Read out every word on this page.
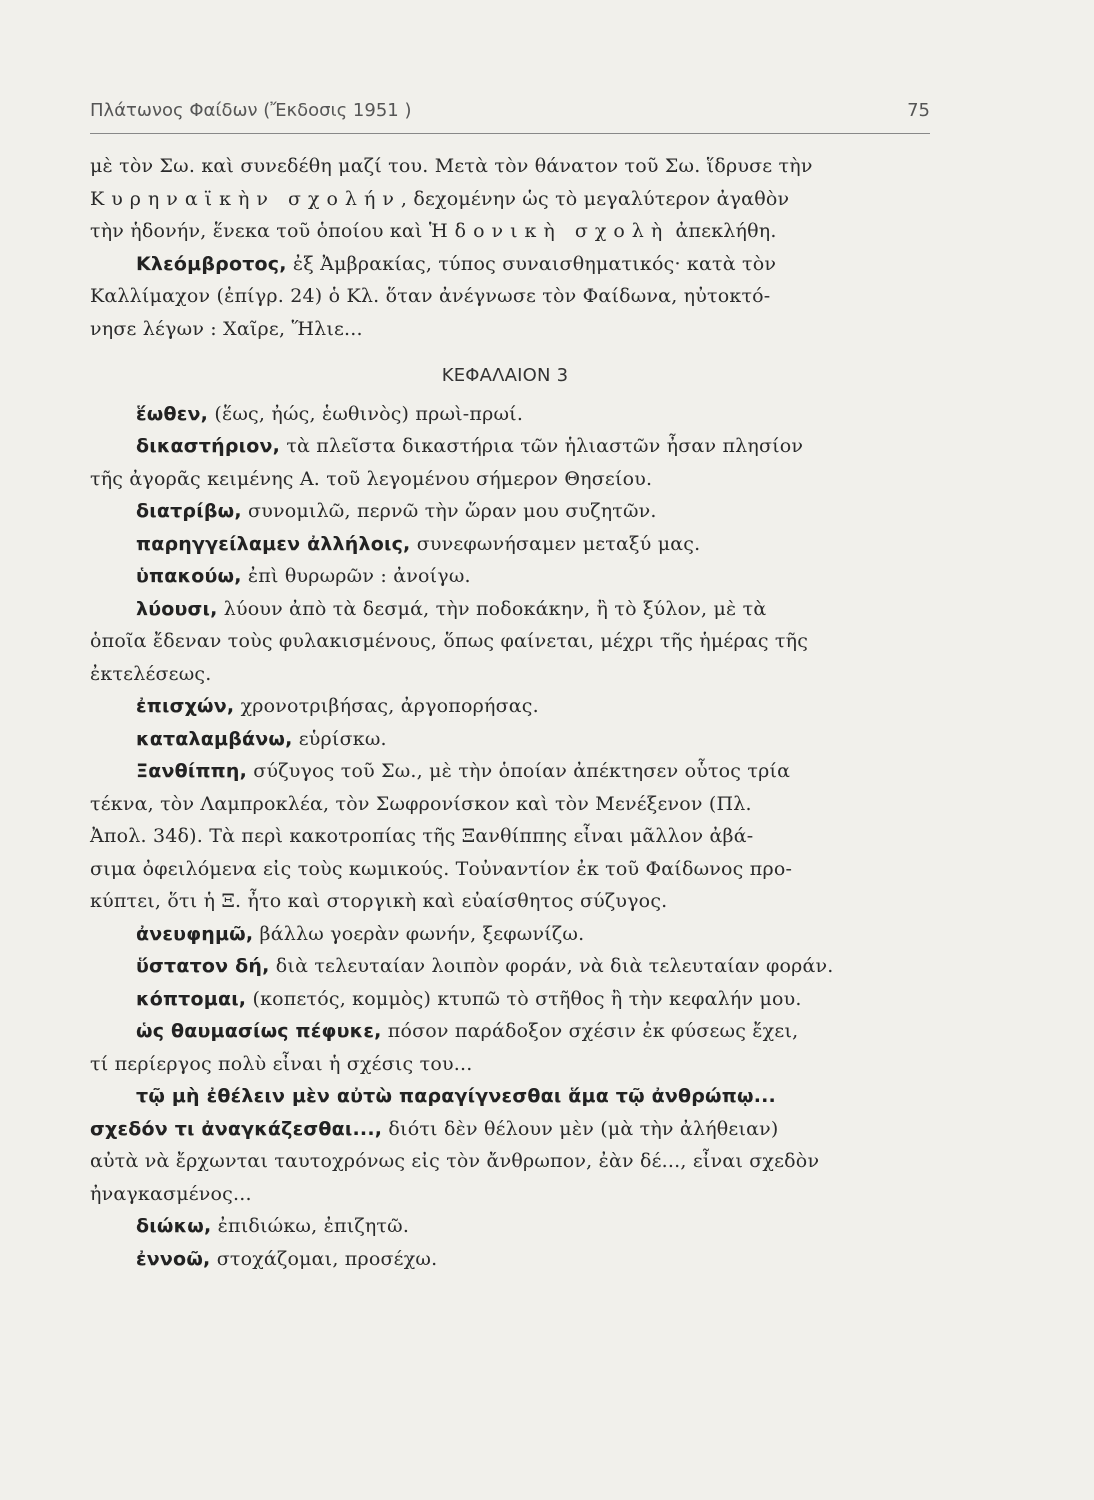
Πλάτωνος Φαίδων (Ἔκδοσις 1951 )	75
μὲ τὸν Σω. καὶ συνεδέθη μαζί του. Μετὰ τὸν θάνατον τοῦ Σω. ἵδρυσε τὴν
Κυρηναϊκὴν σχολήν, δεχομένην ὡς τὸ μεγαλύτερον ἀγαθὸν
τὴν ἡδονήν, ἕνεκα τοῦ ὁποίου καὶ Ἡδονικὴ σχολὴ ἀπεκλήθη.
Κλεόμβροτος, ἐξ Ἀμβρακίας, τύπος συναισθηματικός· κατὰ τὸν
Καλλίμαχον (ἐπίγρ. 24) ὁ Κλ. ὅταν ἀνέγνωσε τὸν Φαίδωνα, ηὐτοκτό-
νησε λέγων : Χαῖρε, Ἥλιε...
ΚΕΦΑΛΑΙΟΝ 3
ἕωθεν, (ἕως, ἠώς, ἑωθινὸς) πρωὶ-πρωί.
δικαστήριον, τὰ πλεῖστα δικαστήρια τῶν ἡλιαστῶν ἦσαν πλησίον
τῆς ἀγορᾶς κειμένης Α. τοῦ λεγομένου σήμερον Θησείου.
διατρίβω, συνομιλῶ, περνῶ τὴν ὥραν μου συζητῶν.
παρηγγείλαμεν ἀλλήλοις, συνεφωνήσαμεν μεταξύ μας.
ὑπακούω, ἐπὶ θυρωρῶν : ἀνοίγω.
λύουσι, λύουν ἀπὸ τὰ δεσμά, τὴν ποδοκάκην, ἢ τὸ ξύλον, μὲ τὰ
ὁποῖα ἔδεναν τοὺς φυλακισμένους, ὅπως φαίνεται, μέχρι τῆς ἡμέρας τῆς
ἐκτελέσεως.
ἐπισχών, χρονοτριβήσας, ἀργοπορήσας.
καταλαμβάνω, εὑρίσκω.
Ξανθίππη, σύζυγος τοῦ Σω., μὲ τὴν ὁποίαν ἀπέκτησεν οὗτος τρία
τέκνα, τὸν Λαμπροκλέα, τὸν Σωφρονίσκον καὶ τὸν Μενέξενον (Πλ.
Ἀπολ. 34δ). Τὰ περὶ κακοτροπίας τῆς Ξανθίππης εἶναι μᾶλλον ἀβά-
σιμα ὀφειλόμενα εἰς τοὺς κωμικούς. Τοὐναντίον ἐκ τοῦ Φαίδωνος προ-
κύπτει, ὅτι ἡ Ξ. ἦτο καὶ στοργικὴ καὶ εὐαίσθητος σύζυγος.
ἀνευφημῶ, βάλλω γοερὰν φωνήν, ξεφωνίζω.
ὕστατον δή, διὰ τελευταίαν λοιπὸν φοράν, νὰ διὰ τελευταίαν φοράν.
κόπτομαι, (κοπετός, κομμὸς) κτυπῶ τὸ στῆθος ἢ τὴν κεφαλήν μου.
ὡς θαυμασίως πέφυκε, πόσον παράδοξον σχέσιν ἐκ φύσεως ἔχει,
τί περίεργος πολὺ εἶναι ἡ σχέσις του...
τῷ μὴ ἐθέλειν μὲν αὐτὼ παραγίγνεσθαι ἅμα τῷ ἀνθρώπῳ...
σχεδόν τι ἀναγκάζεσθαι..., διότι δὲν θέλουν μὲν (μὰ τὴν ἀλήθειαν)
αὐτὰ νὰ ἔρχωνται ταυτοχρόνως εἰς τὸν ἄνθρωπον, ἐὰν δέ..., εἶναι σχεδὸν
ἠναγκασμένος...
διώκω, ἐπιδιώκω, ἐπιζητῶ.
ἐννοῶ, στοχάζομαι, προσέχω.
